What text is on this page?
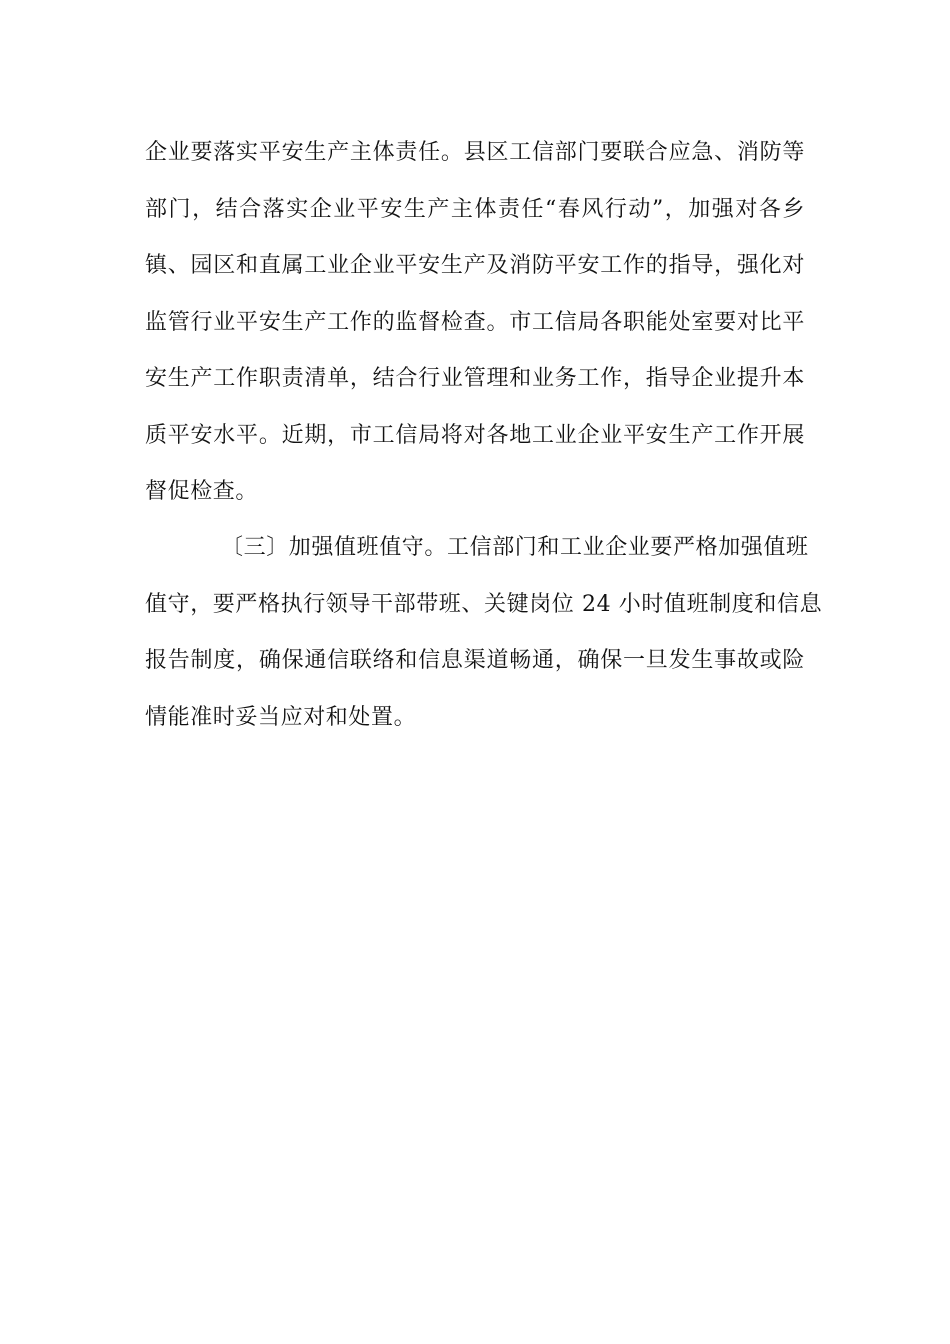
企业要落实平安生产主体责任。县区工信部门要联合应急、消防等
部门，结合落实企业平安生产主体责任“春风行动”，加强对各乡
镇、园区和直属工业企业平安生产及消防平安工作的指导，强化对
监管行业平安生产工作的监督检查。市工信局各职能处室要对比平
安生产工作职责清单，结合行业管理和业务工作，指导企业提升本
质平安水平。近期，市工信局将对各地工业企业平安生产工作开展
督促检查。
〔三〕加强值班值守。工信部门和工业企业要严格加强值班
值守，要严格执行领导干部带班、关键岗位 24 小时值班制度和信息
报告制度，确保通信联络和信息渠道畅通，确保一旦发生事故或险
情能准时妥当应对和处置。
